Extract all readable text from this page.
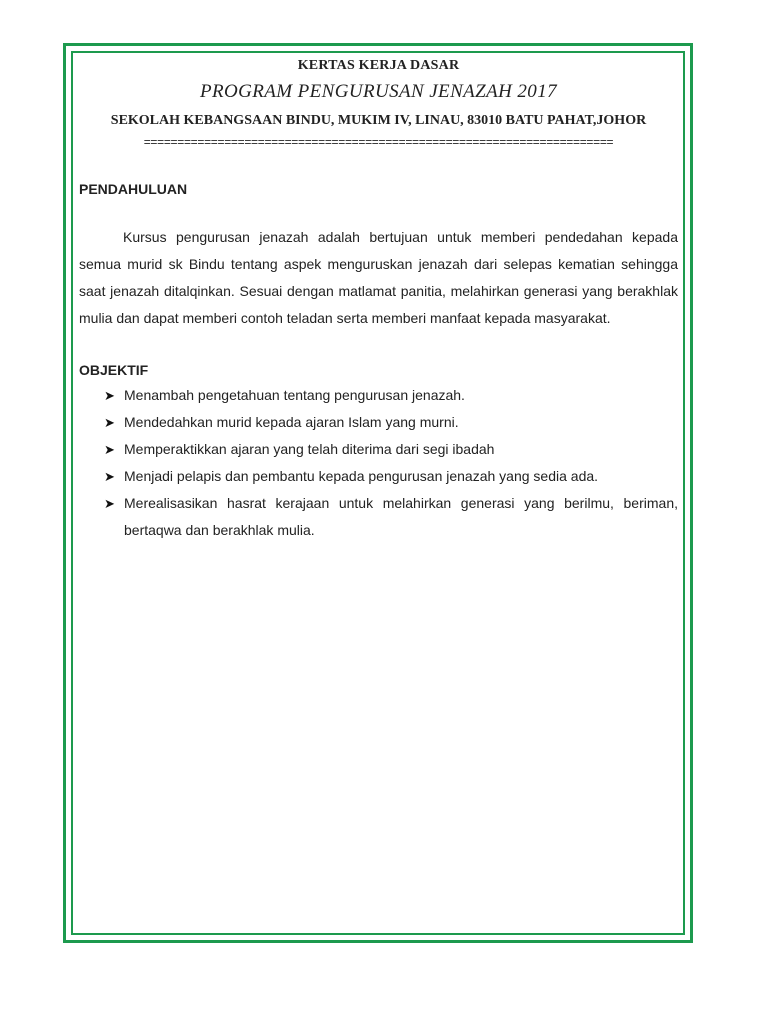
KERTAS KERJA DASAR

PROGRAM PENGURUSAN JENAZAH 2017

SEKOLAH KEBANGSAAN BINDU, MUKIM IV, LINAU, 83010 BATU PAHAT,JOHOR

======================================================================

PENDAHULUAN

Kursus pengurusan jenazah adalah bertujuan untuk memberi pendedahan kepada semua murid sk Bindu tentang aspek menguruskan jenazah dari selepas kematian sehingga saat jenazah ditalqinkan. Sesuai dengan matlamat panitia, melahirkan generasi yang berakhlak mulia dan dapat memberi contoh teladan serta memberi manfaat kepada masyarakat.

OBJEKTIF

➤ Menambah pengetahuan tentang pengurusan jenazah.
➤ Mendedahkan murid kepada ajaran Islam yang murni.
➤ Memperaktikkan ajaran yang telah diterima dari segi ibadah
➤ Menjadi pelapis dan pembantu kepada pengurusan jenazah yang sedia ada.
➤ Merealisasikan hasrat kerajaan untuk melahirkan generasi yang berilmu, beriman, bertaqwa dan berakhlak mulia.
